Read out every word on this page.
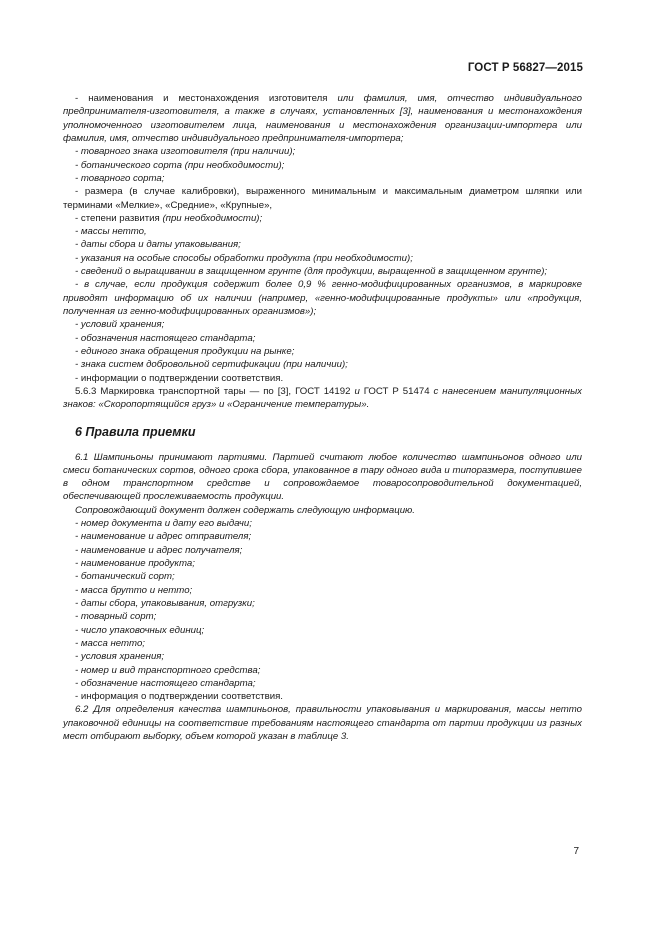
ГОСТ Р 56827—2015

- наименования и местонахождения изготовителя или фамилия, имя, отчество индивидуального предпринимателя-изготовителя, а также в случаях, установленных [3], наименования и местонахождения уполномоченного изготовителем лица, наименования и местонахождения организации-импортера или фамилия, имя, отчество индивидуального предпринимателя-импортера;

- товарного знака изготовителя (при наличии);

- ботанического сорта (при необходимости);

- товарного сорта;

- размера (в случае калибровки), выраженного минимальным и максимальным диаметром шляпки или терминами «Мелкие», «Средние», «Крупные»,

- степени развития (при необходимости);

- массы нетто,

- даты сбора и даты упаковывания;

- указания на особые способы обработки продукта (при необходимости);

- сведений о выращивании в защищенном грунте (для продукции, выращенной в защищенном грунте);

- в случае, если продукция содержит более 0,9 % генно-модифицированных организмов, в маркировке приводят информацию об их наличии (например, «генно-модифицированные продукты» или «продукция, полученная из генно-модифицированных организмов»);

- условий хранения;

- обозначения настоящего стандарта;

- единого знака обращения продукции на рынке;

- знака систем добровольной сертификации (при наличии);

- информации о подтверждении соответствия.

5.6.3 Маркировка транспортной тары — по [3], ГОСТ 14192 и ГОСТ Р 51474 с нанесением манипуляционных знаков: «Скоропортящийся груз» и «Ограничение температуры».

6 Правила приемки

6.1 Шампиньоны принимают партиями. Партией считают любое количество шампиньонов одного или смеси ботанических сортов, одного срока сбора, упакованное в тару одного вида и типоразмера, поступившее в одном транспортном средстве и сопровождаемое товаросопроводительной документацией, обеспечивающей прослеживаемость продукции.

Сопровождающий документ должен содержать следующую информацию.

- номер документа и дату его выдачи;

- наименование и адрес отправителя;

- наименование и адрес получателя;

- наименование продукта;

- ботанический сорт;

- масса брутто и нетто;

- даты сбора, упаковывания, отгрузки;

- товарный сорт;

- число упаковочных единиц;

- масса нетто;

- условия хранения;

- номер и вид транспортного средства;

- обозначение настоящего стандарта;

- информация о подтверждении соответствия.

6.2 Для определения качества шампиньонов, правильности упаковывания и маркирования, массы нетто упаковочной единицы на соответствие требованиям настоящего стандарта от партии продукции из разных мест отбирают выборку, объем которой указан в таблице 3.

7
